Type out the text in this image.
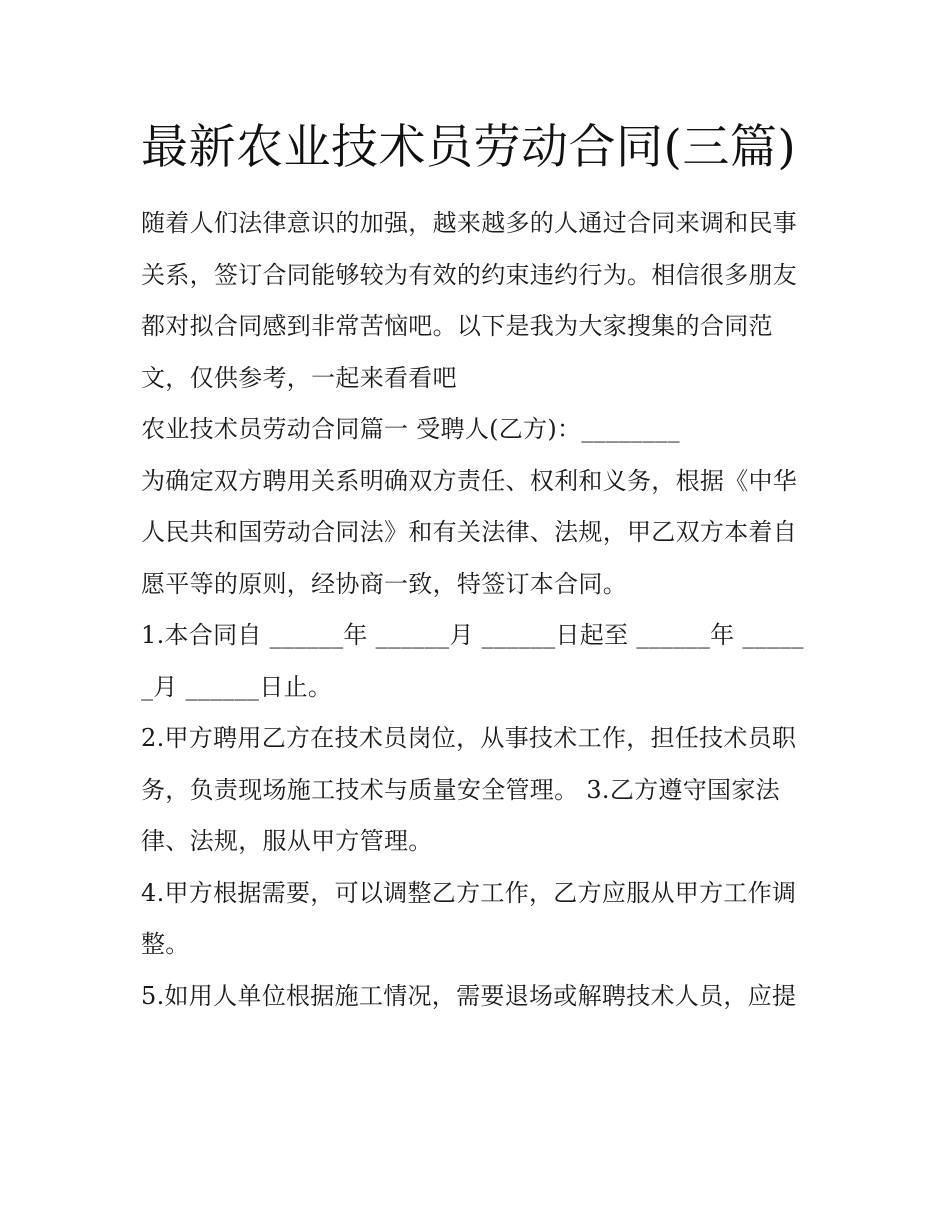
最新农业技术员劳动合同(三篇)

随着人们法律意识的加强，越来越多的人通过合同来调和民事关系，签订合同能够较为有效的约束违约行为。相信很多朋友都对拟合同感到非常苦恼吧。以下是我为大家搜集的合同范文，仅供参考，一起来看看吧

农业技术员劳动合同篇一 受聘人(乙方)：________

为确定双方聘用关系明确双方责任、权利和义务，根据《中华人民共和国劳动合同法》和有关法律、法规，甲乙双方本着自愿平等的原则，经协商一致，特签订本合同。

1.本合同自 ______年 ______月 ______日起至 ______年 ______月 ______日止。

2.甲方聘用乙方在技术员岗位，从事技术工作，担任技术员职务，负责现场施工技术与质量安全管理。 3.乙方遵守国家法律、法规，服从甲方管理。

4.甲方根据需要，可以调整乙方工作，乙方应服从甲方工作调整。

5.如用人单位根据施工情况，需要退场或解聘技术人员，应提
